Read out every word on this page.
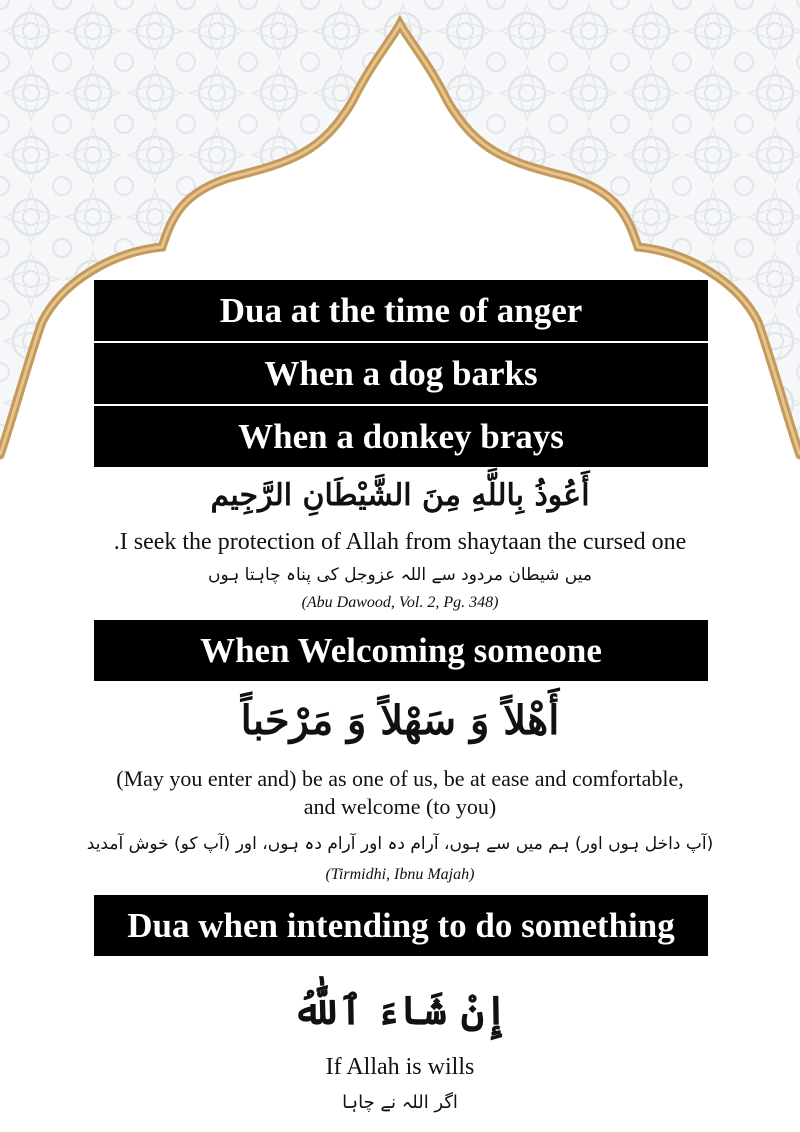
Dua at the time of anger
When a dog barks
When a donkey brays
أَعُوذُ بِاللَّهِ مِنَ الشَّيْطَانِ الرَّجِيم
.I seek the protection of Allah from shaytaan the cursed one
میں شیطان مردود سے اللہ عزوجل کی پناہ چاہتا ہوں
(Abu Dawood, Vol. 2, Pg. 348)
When Welcoming someone
أَهْلاً وَ سَهْلاً وَ مَرْحَباً
(May you enter and) be as one of us, be at ease and comfortable,
and welcome (to you)
(آپ داخل ہوں اور) ہم میں سے ہوں، آرام دہ اور آرام دہ ہوں، اور (آپ کو) خوش آمدید
(Tirmidhi, Ibnu Majah)
Dua when intending to do something
إِنْ شَاءَ ٱللَّٰهُ
If Allah is wills
اگر اللہ نے چاہا
